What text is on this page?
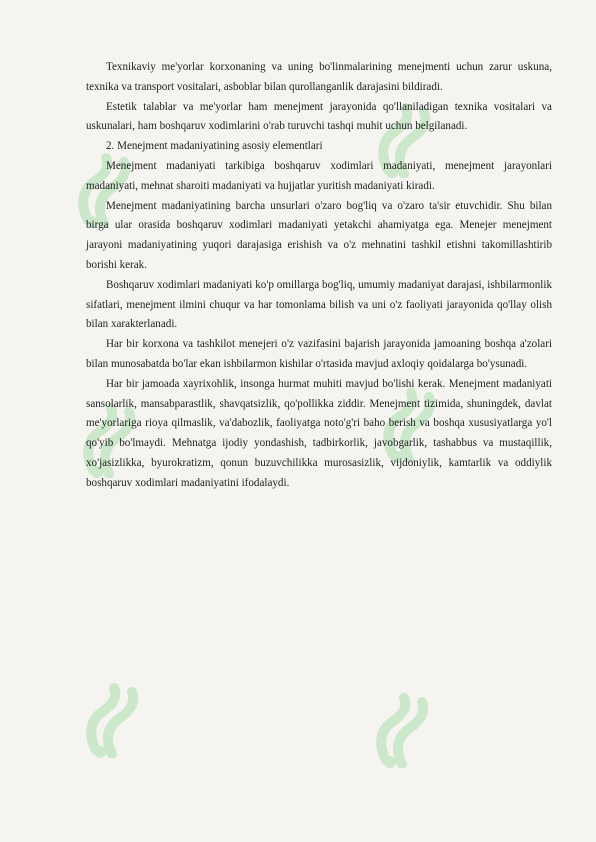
Texnikaviy me'yorlar korxonaning va uning bo'linmalarining menejmenti uchun zarur uskuna, texnika va transport vositalari, asboblar bilan qurollanganlik darajasini bildiradi.

Estetik talablar va me'yorlar ham menejment jarayonida qo'llaniladigan texnika vositalari va uskunalari, ham boshqaruv xodimlarini o'rab turuvchi tashqi muhit uchun belgilanadi.

2. Menejment madaniyatining asosiy elementlari

Menejment madaniyati tarkibiga boshqaruv xodimlari madaniyati, menejment jarayonlari madaniyati, mehnat sharoiti madaniyati va hujjatlar yuritish madaniyati kiradi.

Menejment madaniyatining barcha unsurlari o'zaro bog'liq va o'zaro ta'sir etuvchidir. Shu bilan birga ular orasida boshqaruv xodimlari madaniyati yetakchi ahamiyatga ega. Menejer menejment jarayoni madaniyatining yuqori darajasiga erishish va o'z mehnatini tashkil etishni takomillashtirib borishi kerak.

Boshqaruv xodimlari madaniyati ko'p omillarga bog'liq, umumiy madaniyat darajasi, ishbilarmonlik sifatlari, menejment ilmini chuqur va har tomonlama bilish va uni o'z faoliyati jarayonida qo'llay olish bilan xarakterlanadi.

Har bir korxona va tashkilot menejeri o'z vazifasini bajarish jarayonida jamoaning boshqa a'zolari bilan munosabatda bo'lar ekan ishbilarmon kishilar o'rtasida mavjud axloqiy qoidalarga bo'ysunadi.

Har bir jamoada xayrixohlik, insonga hurmat muhiti mavjud bo'lishi kerak. Menejment madaniyati sansolarlik, mansabparastlik, shavqatsizlik, qo'pollikka ziddir. Menejment tizimida, shuningdek, davlat me'yorlariga rioya qilmaslik, va'dabozlik, faoliyatga noto'g'ri baho berish va boshqa xususiyatlarga yo'l qo'yib bo'lmaydi. Mehnatga ijodiy yondashish, tadbirkorlik, javobgarlik, tashabbus va mustaqillik, xo'jasizlikka, byurokratizm, qonun buzuvchilikka murosasizlik, vijdoniylik, kamtarlik va oddiylik boshqaruv xodimlari madaniyatini ifodalaydi.
